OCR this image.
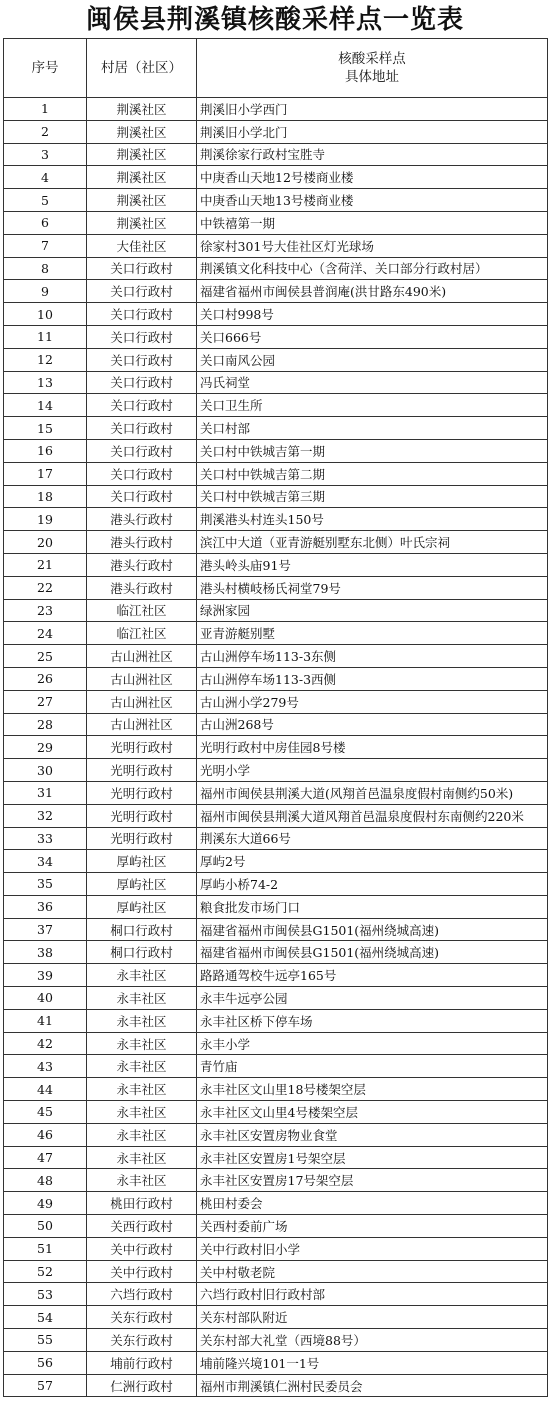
闽侯县荆溪镇核酸采样点一览表
序号	村居（社区）	核酸采样点
具体地址

1	荆溪社区	荆溪旧小学西门
2	荆溪社区	荆溪旧小学北门
3	荆溪社区	荆溪徐家行政村宝胜寺
4	荆溪社区	中庚香山天地12号楼商业楼
5	荆溪社区	中庚香山天地13号楼商业楼
6	荆溪社区	中铁禧第一期
7	大佳社区	徐家村301号大佳社区灯光球场
8	关口行政村	荆溪镇文化科技中心（含荷洋、关口部分行政村居）
9	关口行政村	福建省福州市闽侯县普润庵(洪甘路东490米)
10	关口行政村	关口村998号
11	关口行政村	关口666号
12	关口行政村	关口南风公园
13	关口行政村	冯氏祠堂
14	关口行政村	关口卫生所
15	关口行政村	关口村部
16	关口行政村	关口村中铁城吉第一期
17	关口行政村	关口村中铁城吉第二期
18	关口行政村	关口村中铁城吉第三期
19	港头行政村	荆溪港头村连头150号
20	港头行政村	滨江中大道（亚青游艇别墅东北侧）叶氏宗祠
21	港头行政村	港头岭头庙91号
22	港头行政村	港头村横岐杨氏祠堂79号
23	临江社区	绿洲家园
24	临江社区	亚青游艇别墅
25	古山洲社区	古山洲停车场113-3东侧
26	古山洲社区	古山洲停车场113-3西侧
27	古山洲社区	古山洲小学279号
28	古山洲社区	古山洲268号
29	光明行政村	光明行政村中房佳园8号楼
30	光明行政村	光明小学
31	光明行政村	福州市闽侯县荆溪大道(风翔首邑温泉度假村南侧约50米)
32	光明行政村	福州市闽侯县荆溪大道风翔首邑温泉度假村东南侧约220米
33	光明行政村	荆溪东大道66号
34	厚屿社区	厚屿2号
35	厚屿社区	厚屿小桥74-2
36	厚屿社区	粮食批发市场门口
37	桐口行政村	福建省福州市闽侯县G1501(福州绕城高速)
38	桐口行政村	福建省福州市闽侯县G1501(福州绕城高速)
39	永丰社区	路路通驾校牛远亭165号
40	永丰社区	永丰牛远亭公园
41	永丰社区	永丰社区桥下停车场
42	永丰社区	永丰小学
43	永丰社区	青竹庙
44	永丰社区	永丰社区文山里18号楼架空层
45	永丰社区	永丰社区文山里4号楼架空层
46	永丰社区	永丰社区安置房物业食堂
47	永丰社区	永丰社区安置房1号架空层
48	永丰社区	永丰社区安置房17号架空层
49	桃田行政村	桃田村委会
50	关西行政村	关西村委前广场
51	关中行政村	关中行政村旧小学
52	关中行政村	关中村敬老院
53	六垱行政村	六垱行政村旧行政村部
54	关东行政村	关东村部队附近
55	关东行政村	关东村部大礼堂（西境88号）
56	埔前行政村	埔前隆兴境101一1号
57	仁洲行政村	福州市荆溪镇仁洲村民委员会
